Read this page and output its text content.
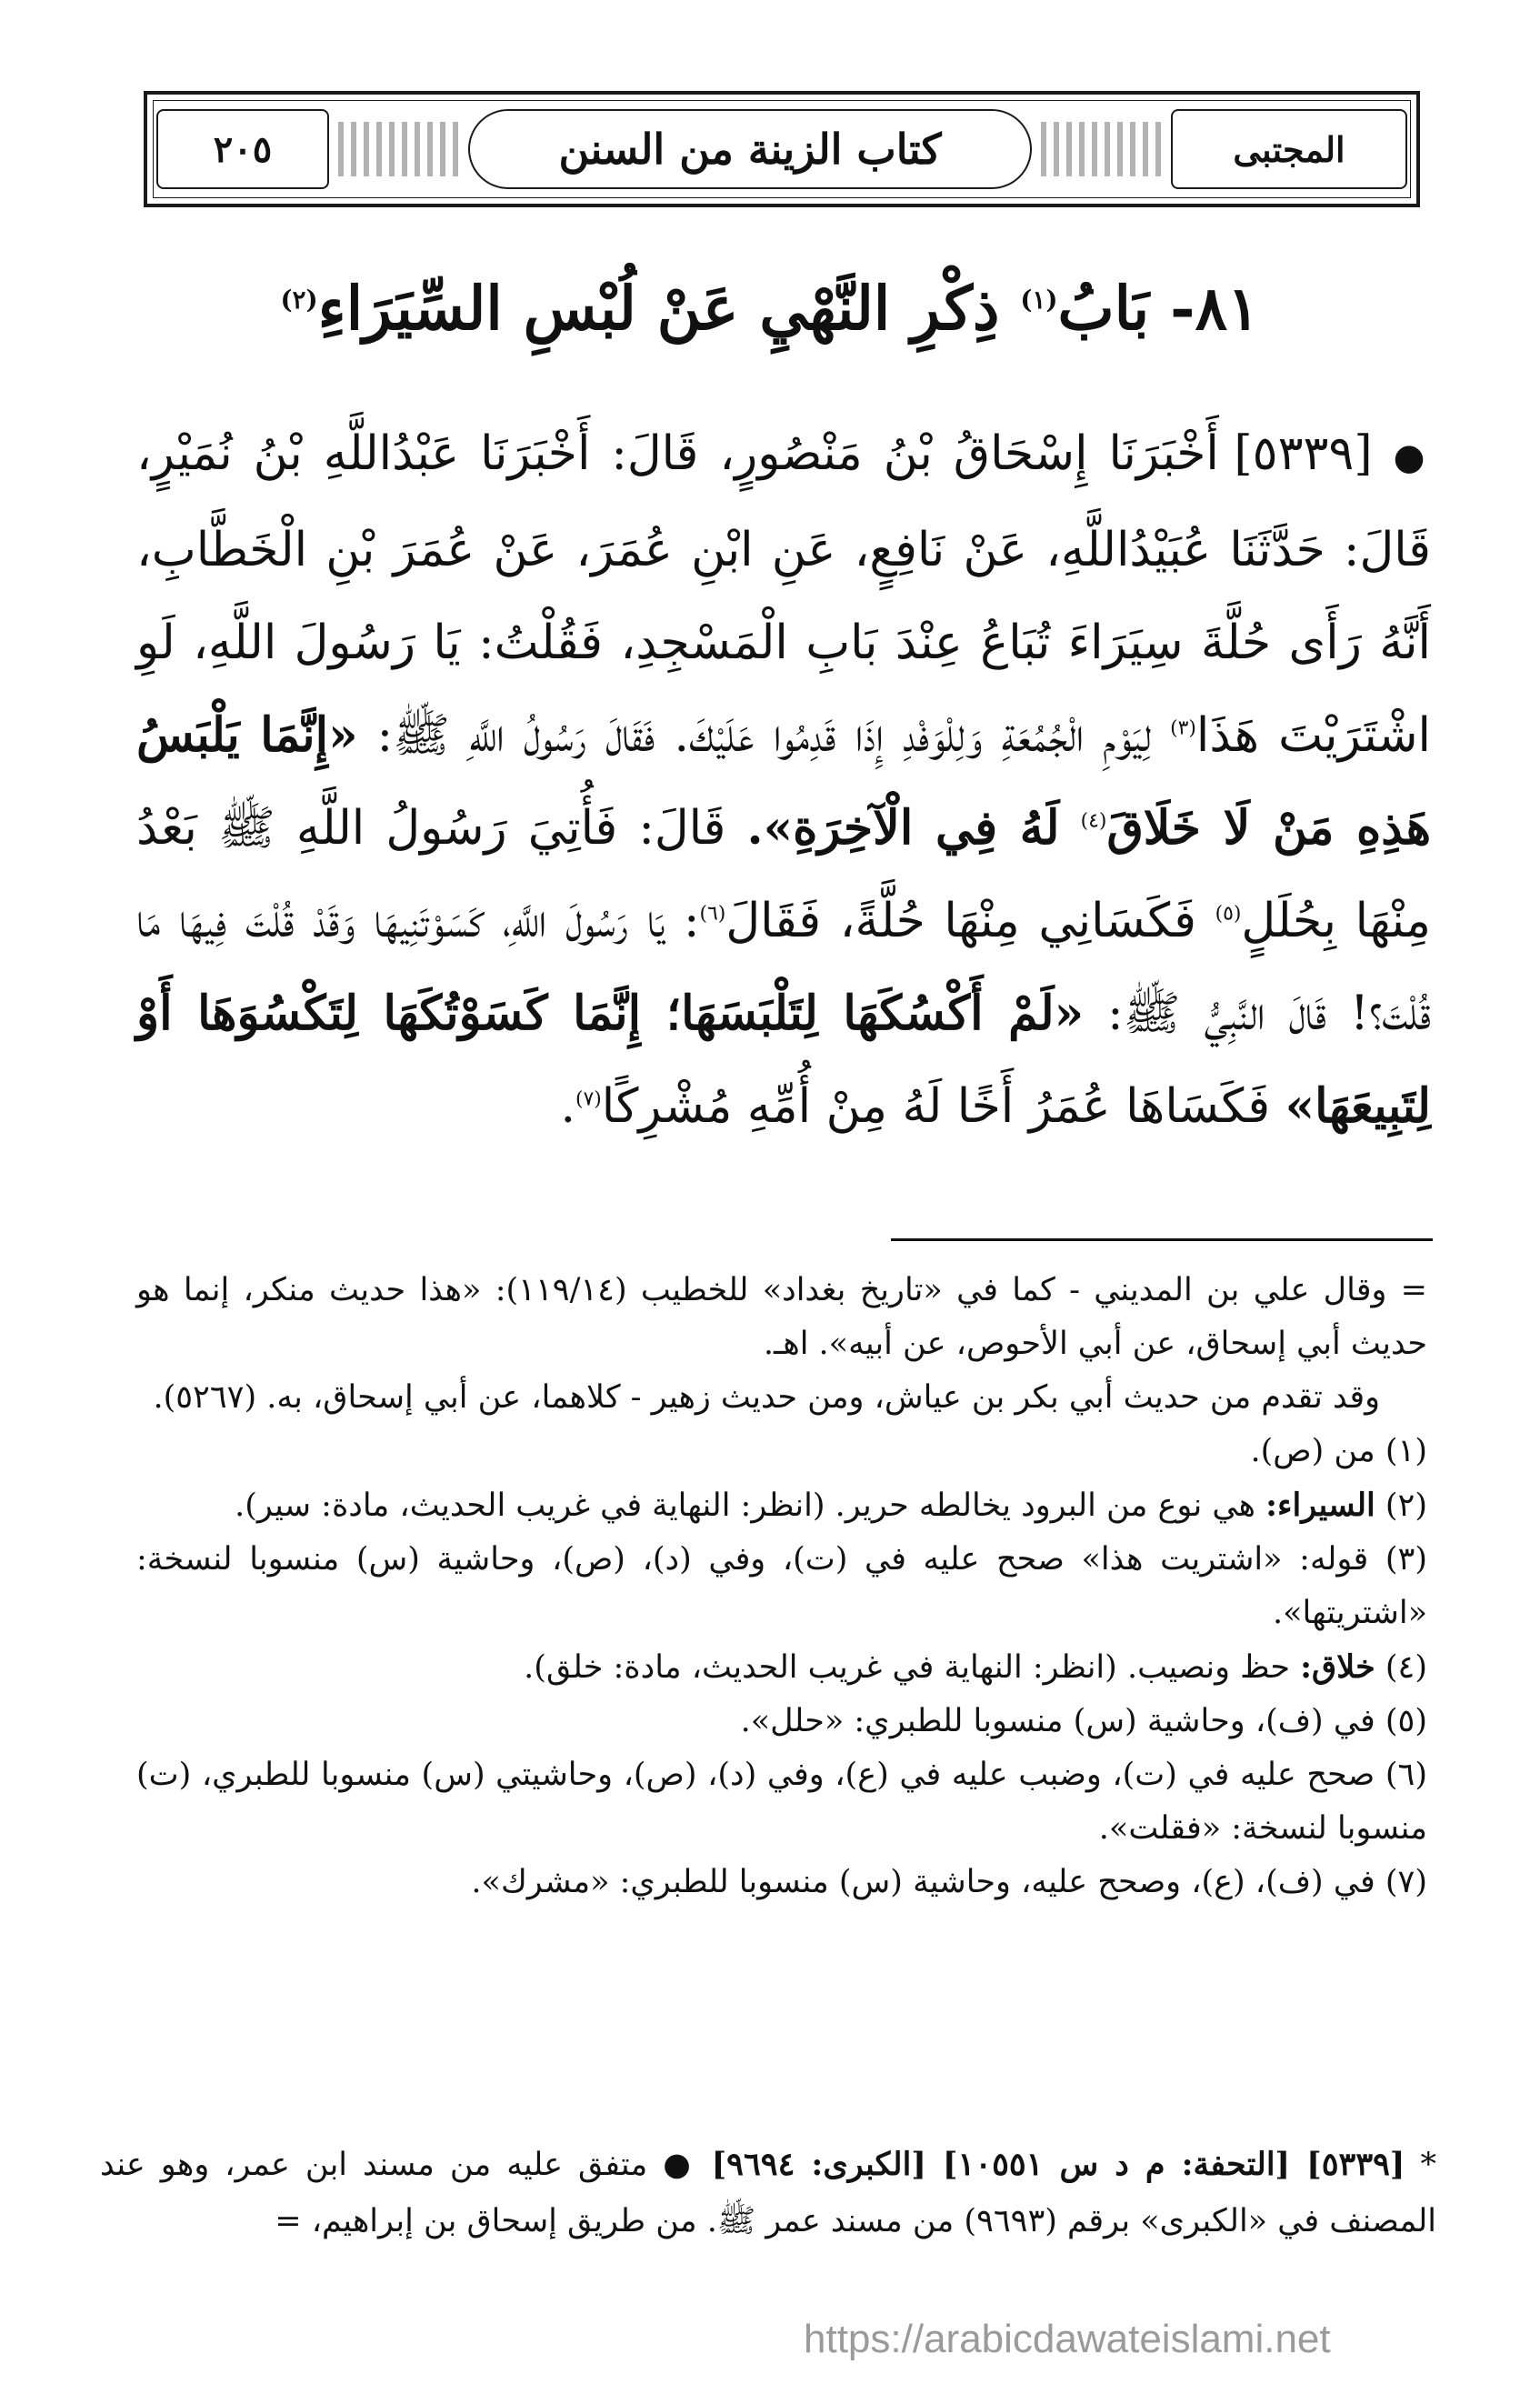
٢٠٥	كتاب الزينة من السنن	المجتبى
٨١- بَابُ$^{(١)}$ ذِكْرِ النَّهْيِ عَنْ لُبْسِ السِّيَرَاءِ$^{(٢)}$
● [٥٣٣٩] أَخْبَرَنَا إِسْحَاقُ بْنُ مَنْصُورٍ، قَالَ: أَخْبَرَنَا عَبْدُاللَّهِ بْنُ نُمَيْرٍ، قَالَ: حَدَّثَنَا عُبَيْدُاللَّهِ، عَنْ نَافِعٍ، عَنِ ابْنِ عُمَرَ، عَنْ عُمَرَ بْنِ الْخَطَّابِ، أَنَّهُ رَأَى حُلَّةَ سِيَرَاءَ تُبَاعُ عِنْدَ بَابِ الْمَسْجِدِ، فَقُلْتُ: يَا رَسُولَ اللَّهِ، لَوِ اشْتَرَيْتَ هَذَا$^{(٣)}$ لِيَوْمِ الْجُمُعَةِ وَلِلْوَفْدِ إِذَا قَدِمُوا عَلَيْكَ. فَقَالَ رَسُولُ اللَّهِ ﷺ: «إِنَّمَا يَلْبَسُ هَذِهِ مَنْ لَا خَلَاقَ$^{(٤)}$ لَهُ فِي الْآخِرَةِ». قَالَ: فَأُتِيَ رَسُولُ اللَّهِ ﷺ بَعْدُ مِنْهَا بِحُلَلٍ$^{(٥)}$ فَكَسَانِي مِنْهَا حُلَّةً، فَقَالَ$^{(٦)}$: يَا رَسُولَ اللَّهِ، كَسَوْتَنِيهَا وَقَدْ قُلْتَ فِيهَا مَا قُلْتَ؟! قَالَ النَّبِيُّ ﷺ: «لَمْ أَكْسُكَهَا لِتَلْبَسَهَا؛ إِنَّمَا كَسَوْتُكَهَا لِتَكْسُوَهَا أَوْ لِتَبِيعَهَا» فَكَسَاهَا عُمَرُ أَخًا لَهُ مِنْ أُمِّهِ مُشْرِكًا$^{(٧)}$.

= وقال علي بن المديني - كما في «تاريخ بغداد» للخطيب (١١٩/١٤): «هذا حديث منكر، إنما هو حديث أبي إسحاق، عن أبي الأحوص، عن أبيه». اهـ.

وقد تقدم من حديث أبي بكر بن عياش، ومن حديث زهير - كلاهما، عن أبي إسحاق، به. (٥٢٦٧).

(١) من (ص).

(٢) السيراء: هي نوع من البرود يخالطه حرير. (انظر: النهاية في غريب الحديث، مادة: سير).

(٣) قوله: «اشتريت هذا» صحح عليه في (ت)، وفي (د)، (ص)، وحاشية (س) منسوبا لنسخة: «اشتريتها».

(٤) خلاق: حظ ونصيب. (انظر: النهاية في غريب الحديث، مادة: خلق).

(٥) في (ف)، وحاشية (س) منسوبا للطبري: «حلل».

(٦) صحح عليه في (ت)، وضبب عليه في (ع)، وفي (د)، (ص)، وحاشيتي (س) منسوبا للطبري، (ت) منسوبا لنسخة: «فقلت».

(٧) في (ف)، (ع)، وصحح عليه، وحاشية (س) منسوبا للطبري: «مشرك».

* [٥٣٣٩] [التحفة: م د س ١٠٥٥١] [الكبرى: ٩٦٩٤] ● متفق عليه من مسند ابن عمر، وهو عند المصنف في «الكبرى» برقم (٩٦٩٣) من مسند عمر ﷺ. من طريق إسحاق بن إبراهيم، =

https://arabicdawateislami.net
